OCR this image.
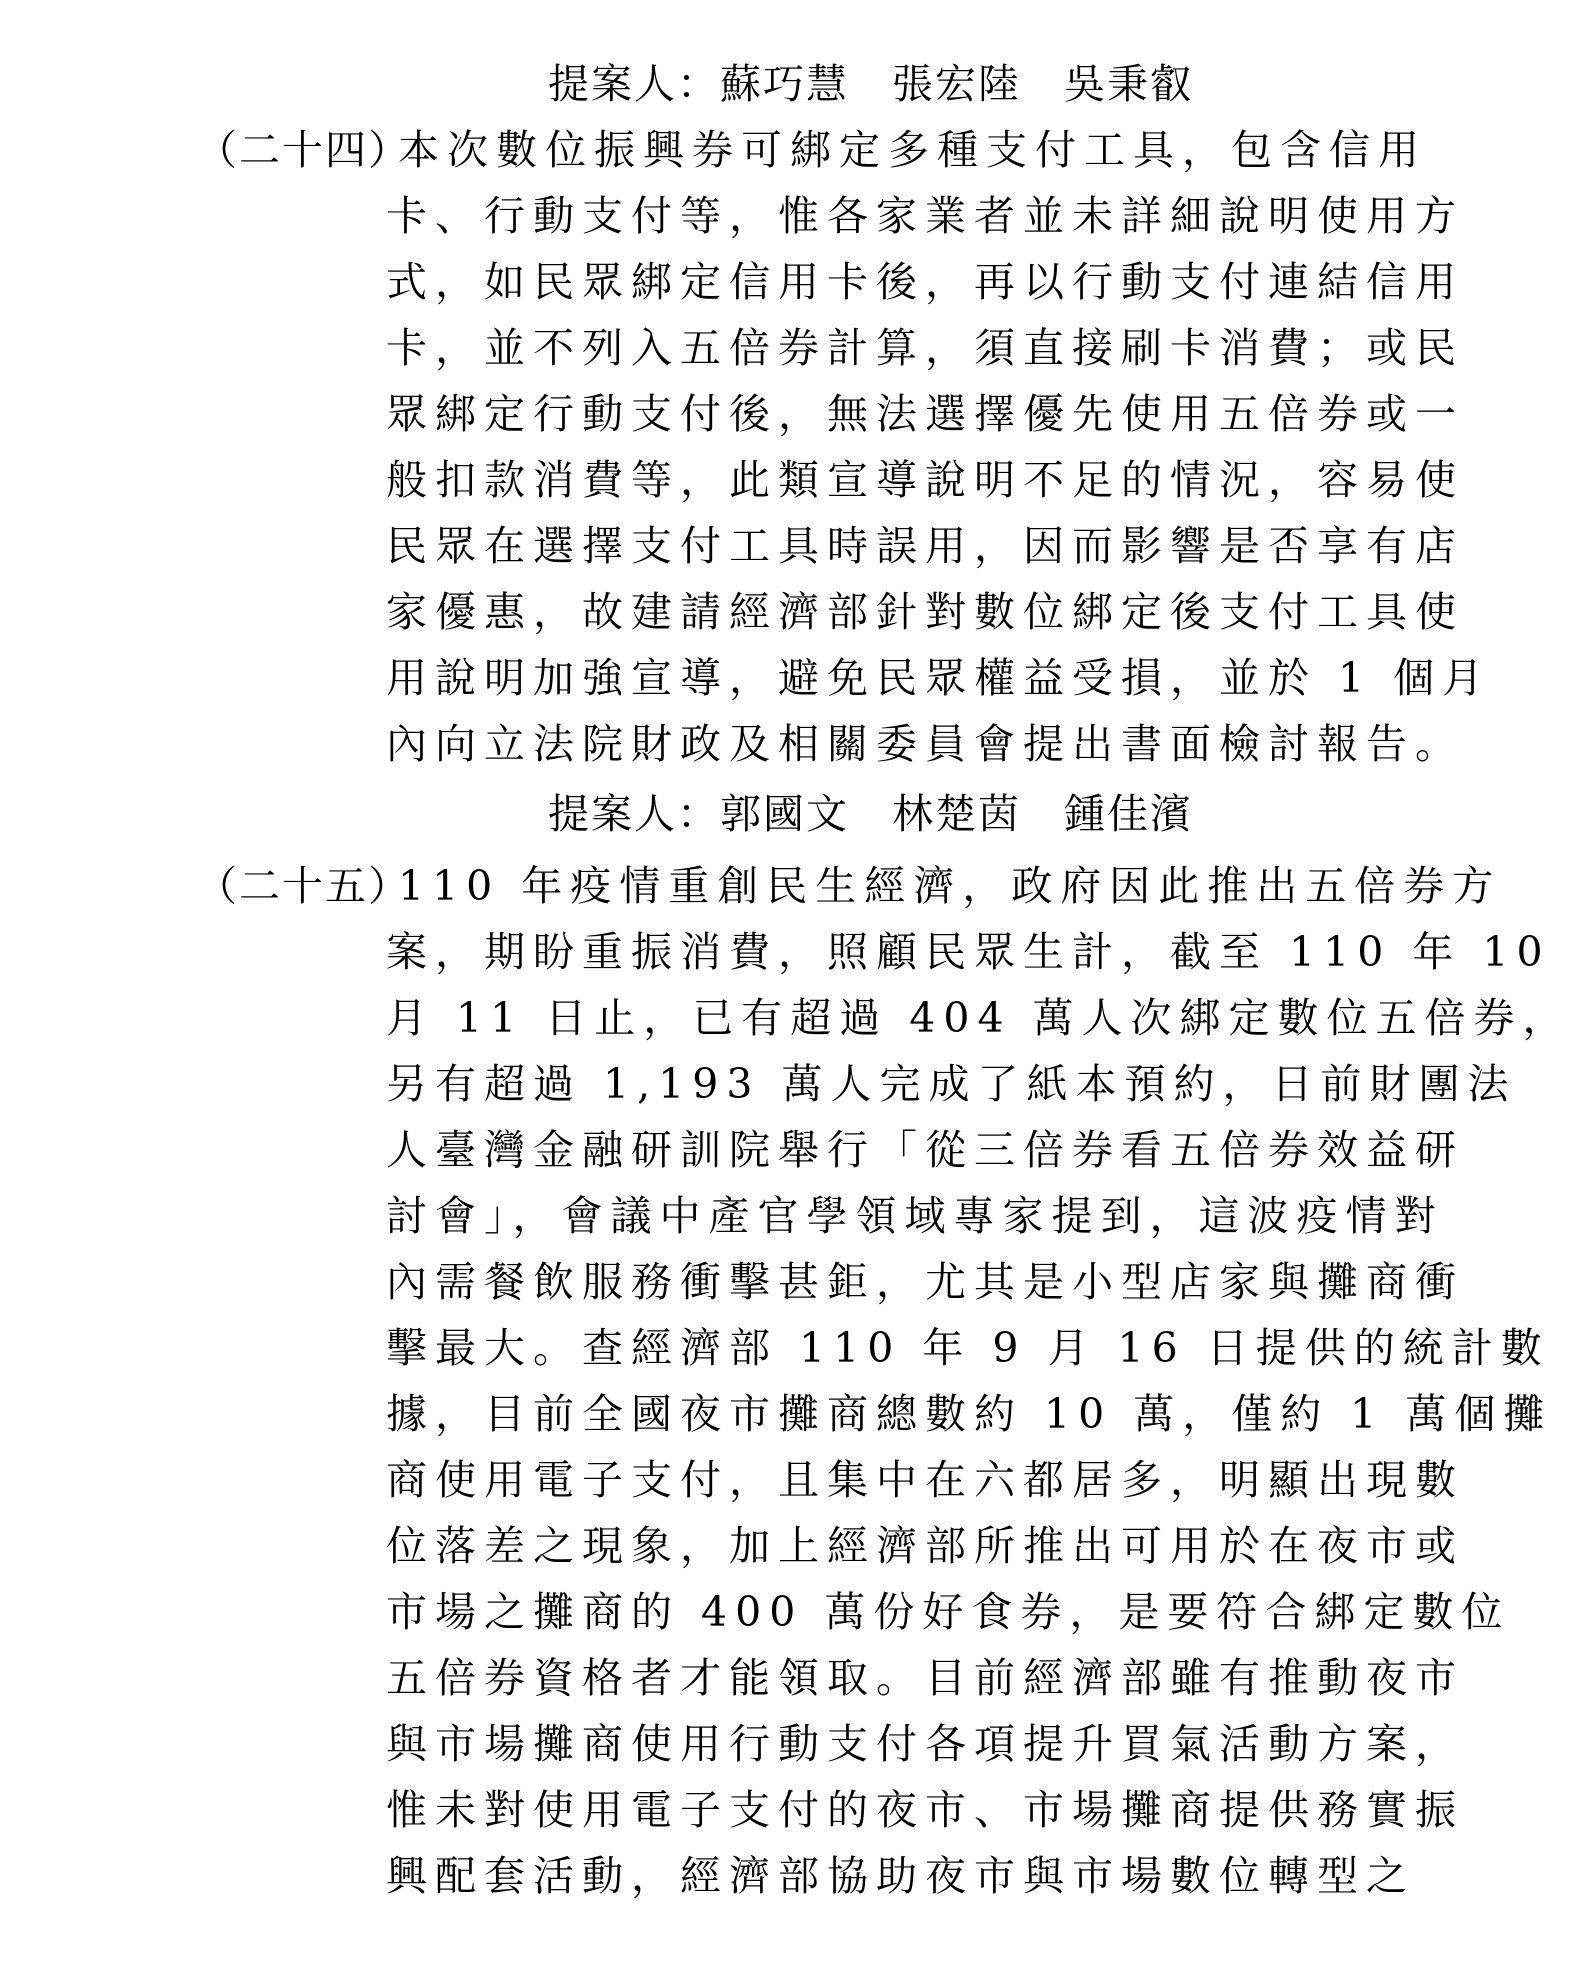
提案人：蘇巧慧　張宏陸　吳秉叡
（二十四）
本次數位振興券可綁定多種支付工具，包含信用
卡、行動支付等，惟各家業者並未詳細說明使用方
式，如民眾綁定信用卡後，再以行動支付連結信用
卡，並不列入五倍券計算，須直接刷卡消費；或民
眾綁定行動支付後，無法選擇優先使用五倍券或一
般扣款消費等，此類宣導說明不足的情況，容易使
民眾在選擇支付工具時誤用，因而影響是否享有店
家優惠，故建請經濟部針對數位綁定後支付工具使
用說明加強宣導，避免民眾權益受損，並於 1 個月
內向立法院財政及相關委員會提出書面檢討報告。
提案人：郭國文　林楚茵　鍾佳濱
（二十五）
110 年疫情重創民生經濟，政府因此推出五倍券方
案，期盼重振消費，照顧民眾生計，截至 110 年 10
月 11 日止，已有超過 404 萬人次綁定數位五倍券，
另有超過 1,193 萬人完成了紙本預約，日前財團法
人臺灣金融研訓院舉行「從三倍券看五倍券效益研
討會」，會議中產官學領域專家提到，這波疫情對
內需餐飲服務衝擊甚鉅，尤其是小型店家與攤商衝
擊最大。查經濟部 110 年 9 月 16 日提供的統計數
據，目前全國夜市攤商總數約 10 萬，僅約 1 萬個攤
商使用電子支付，且集中在六都居多，明顯出現數
位落差之現象，加上經濟部所推出可用於在夜市或
市場之攤商的 400 萬份好食券，是要符合綁定數位
五倍券資格者才能領取。目前經濟部雖有推動夜市
與市場攤商使用行動支付各項提升買氣活動方案，
惟未對使用電子支付的夜市、市場攤商提供務實振
興配套活動，經濟部協助夜市與市場數位轉型之
